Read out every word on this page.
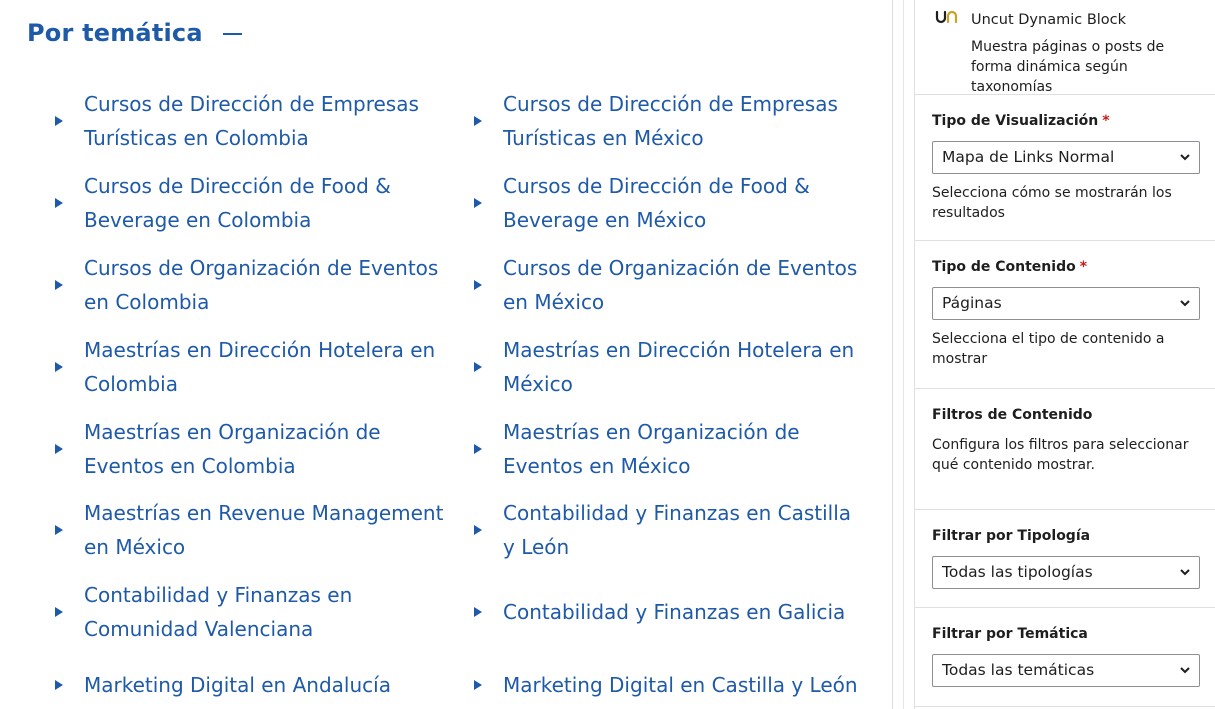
Por temática
Cursos de Dirección de Empresas Turísticas en Colombia
Cursos de Dirección de Empresas Turísticas en México
Cursos de Dirección de Food & Beverage en Colombia
Cursos de Dirección de Food & Beverage en México
Cursos de Organización de Eventos en Colombia
Cursos de Organización de Eventos en México
Maestrías en Dirección Hotelera en Colombia
Maestrías en Dirección Hotelera en México
Maestrías en Organización de Eventos en Colombia
Maestrías en Organización de Eventos en México
Maestrías en Revenue Management en México
Contabilidad y Finanzas en Castilla y León
Contabilidad y Finanzas en Comunidad Valenciana
Contabilidad y Finanzas en Galicia
Marketing Digital en Andalucía	Marketing Digital en Castilla y León
Uncut Dynamic Block
Muestra páginas o posts de forma dinámica según taxonomías
Tipo de Visualización *
Mapa de Links Normal
Selecciona cómo se mostrarán los resultados
Tipo de Contenido *
Páginas
Selecciona el tipo de contenido a mostrar
Filtros de Contenido
Configura los filtros para seleccionar qué contenido mostrar.
Filtrar por Tipología
Todas las tipologías
Filtrar por Temática
Todas las temáticas
